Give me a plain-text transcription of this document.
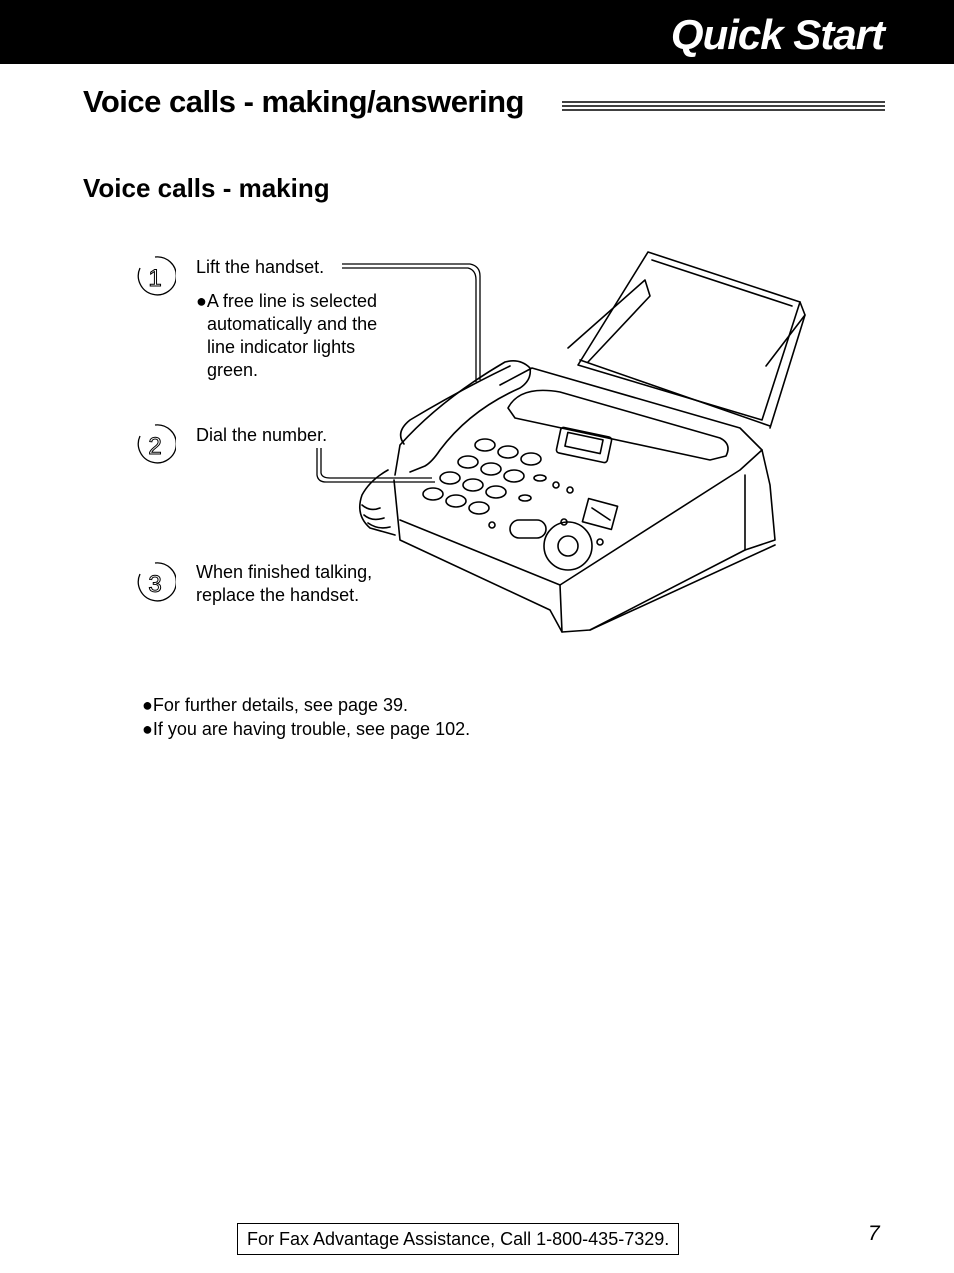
Quick Start
Voice calls - making/answering
Voice calls - making
1 Lift the handset.
●A free line is selected
automatically and the
line indicator lights
green.
2 Dial the number.
3 When finished talking,
replace the handset.
●For further details, see page 39.
●If you are having trouble, see page 102.
For Fax Advantage Assistance, Call 1-800-435-7329.	7
